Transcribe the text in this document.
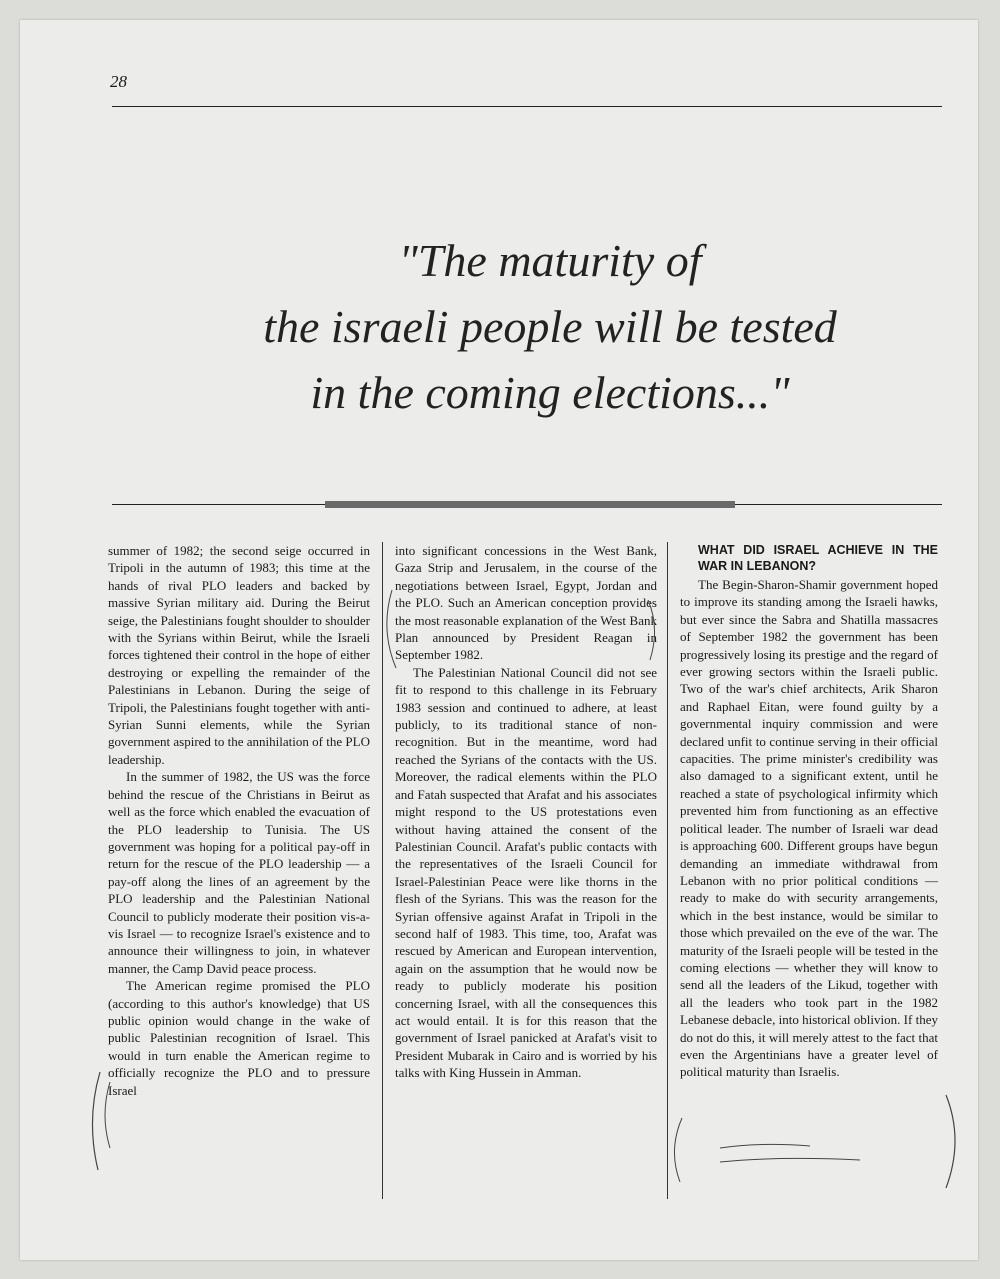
28
"The maturity of
the israeli people will be tested
in the coming elections..."

summer of 1982; the second seige occurred in Tripoli in the autumn of 1983; this time at the hands of rival PLO leaders and backed by massive Syrian military aid. During the Beirut seige, the Palestinians fought shoulder to shoulder with the Syrians within Beirut, while the Israeli forces tightened their control in the hope of either destroying or expelling the remainder of the Palestinians in Lebanon. During the seige of Tripoli, the Palestinians fought together with anti-Syrian Sunni elements, while the Syrian government aspired to the annihilation of the PLO leadership.

In the summer of 1982, the US was the force behind the rescue of the Christians in Beirut as well as the force which enabled the evacuation of the PLO leadership to Tunisia. The US government was hoping for a political pay-off in return for the rescue of the PLO leadership — a pay-off along the lines of an agreement by the PLO leadership and the Palestinian National Council to publicly moderate their position vis-a-vis Israel — to recognize Israel's existence and to announce their willingness to join, in whatever manner, the Camp David peace process.

The American regime promised the PLO (according to this author's knowledge) that US public opinion would change in the wake of public Palestinian recognition of Israel. This would in turn enable the American regime to officially recognize the PLO and to pressure Israel

into significant concessions in the West Bank, Gaza Strip and Jerusalem, in the course of the negotiations between Israel, Egypt, Jordan and the PLO. Such an American conception provides the most reasonable explanation of the West Bank Plan announced by President Reagan in September 1982.

The Palestinian National Council did not see fit to respond to this challenge in its February 1983 session and continued to adhere, at least publicly, to its traditional stance of non-recognition. But in the meantime, word had reached the Syrians of the contacts with the US. Moreover, the radical elements within the PLO and Fatah suspected that Arafat and his associates might respond to the US protestations even without having attained the consent of the Palestinian Council. Arafat's public contacts with the representatives of the Israeli Council for Israel-Palestinian Peace were like thorns in the flesh of the Syrians. This was the reason for the Syrian offensive against Arafat in Tripoli in the second half of 1983. This time, too, Arafat was rescued by American and European intervention, again on the assumption that he would now be ready to publicly moderate his position concerning Israel, with all the consequences this act would entail. It is for this reason that the government of Israel panicked at Arafat's visit to President Mubarak in Cairo and is worried by his talks with King Hussein in Amman.

WHAT DID ISRAEL ACHIEVE IN THE WAR IN LEBANON?

The Begin-Sharon-Shamir government hoped to improve its standing among the Israeli hawks, but ever since the Sabra and Shatilla massacres of September 1982 the government has been progressively losing its prestige and the regard of ever growing sectors within the Israeli public. Two of the war's chief architects, Arik Sharon and Raphael Eitan, were found guilty by a governmental inquiry commission and were declared unfit to continue serving in their official capacities. The prime minister's credibility was also damaged to a significant extent, until he reached a state of psychological infirmity which prevented him from functioning as an effective political leader. The number of Israeli war dead is approaching 600. Different groups have begun demanding an immediate withdrawal from Lebanon with no prior political conditions — ready to make do with security arrangements, which in the best instance, would be similar to those which prevailed on the eve of the war. The maturity of the Israeli people will be tested in the coming elections — whether they will know to send all the leaders of the Likud, together with all the leaders who took part in the 1982 Lebanese debacle, into historical oblivion. If they do not do this, it will merely attest to the fact that even the Argentinians have a greater level of political maturity than Israelis.
